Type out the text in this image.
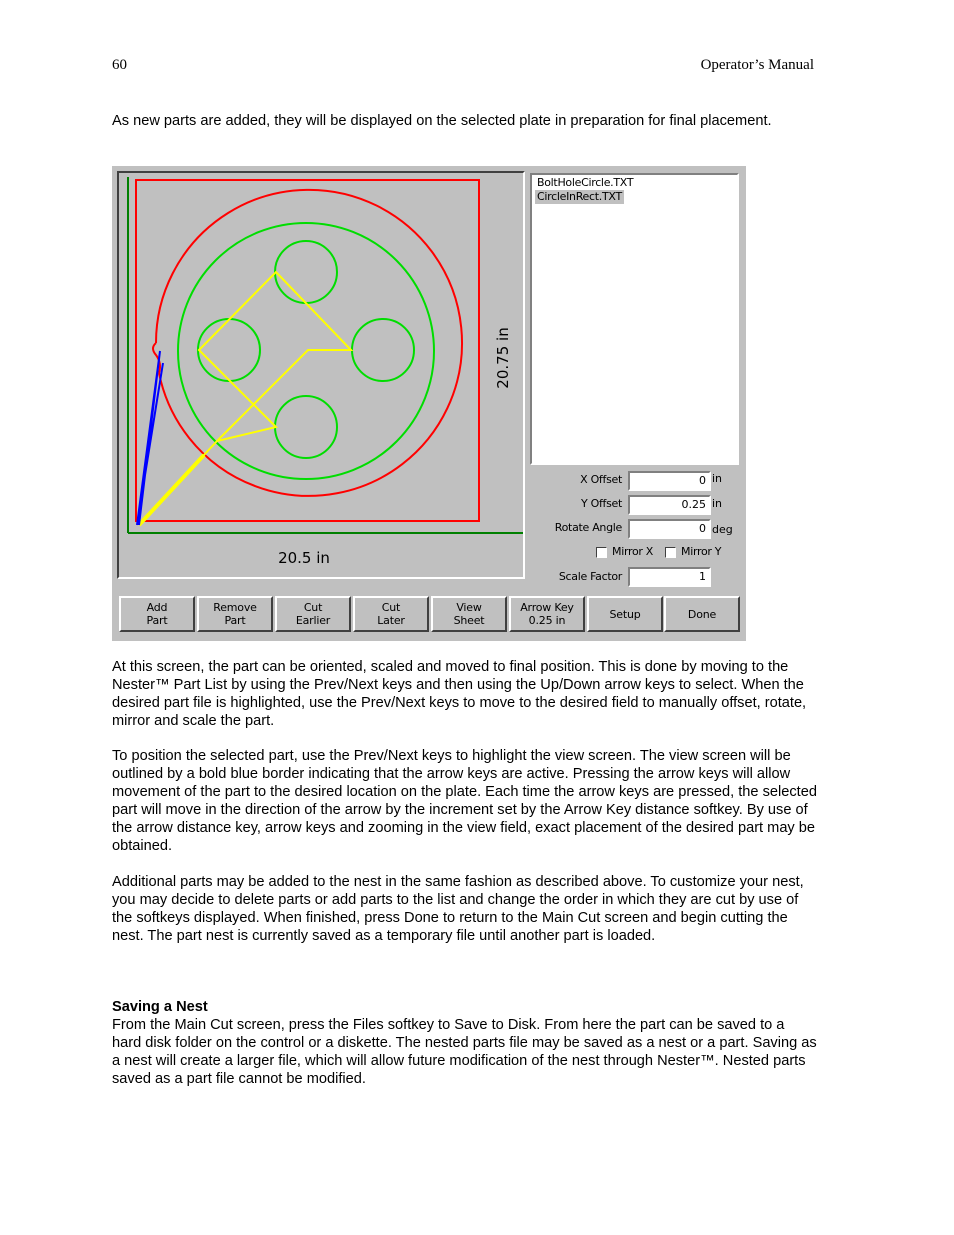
60	Operator’s Manual

As new parts are added, they will be displayed on the selected plate in preparation for final placement.

20.5 in
20.75 in
BoltHoleCircle.TXT
CircleInRect.TXT
X Offset	0 in
Y Offset	0.25 in
Rotate Angle	0 deg
Mirror X	Mirror Y
Scale Factor	1
Add
Part
Remove
Part
Cut
Earlier
Cut
Later
View
Sheet
Arrow Key
0.25 in	Setup	Done

At this screen, the part can be oriented, scaled and moved to final position. This is done by moving to the Nester™ Part List by using the Prev/Next keys and then using the Up/Down arrow keys to select. When the desired part file is highlighted, use the Prev/Next keys to move to the desired field to manually offset, rotate, mirror and scale the part.

To position the selected part, use the Prev/Next keys to highlight the view screen. The view screen will be outlined by a bold blue border indicating that the arrow keys are active. Pressing the arrow keys will allow movement of the part to the desired location on the plate. Each time the arrow keys are pressed, the selected part will move in the direction of the arrow by the increment set by the Arrow Key distance softkey. By use of the arrow distance key, arrow keys and zooming in the view field, exact placement of the desired part may be obtained.

Additional parts may be added to the nest in the same fashion as described above. To customize your nest, you may decide to delete parts or add parts to the list and change the order in which they are cut by use of the softkeys displayed. When finished, press Done to return to the Main Cut screen and begin cutting the nest. The part nest is currently saved as a temporary file until another part is loaded.

Saving a Nest

From the Main Cut screen, press the Files softkey to Save to Disk. From here the part can be saved to a hard disk folder on the control or a diskette. The nested parts file may be saved as a nest or a part. Saving as a nest will create a larger file, which will allow future modification of the nest through Nester™. Nested parts saved as a part file cannot be modified.
